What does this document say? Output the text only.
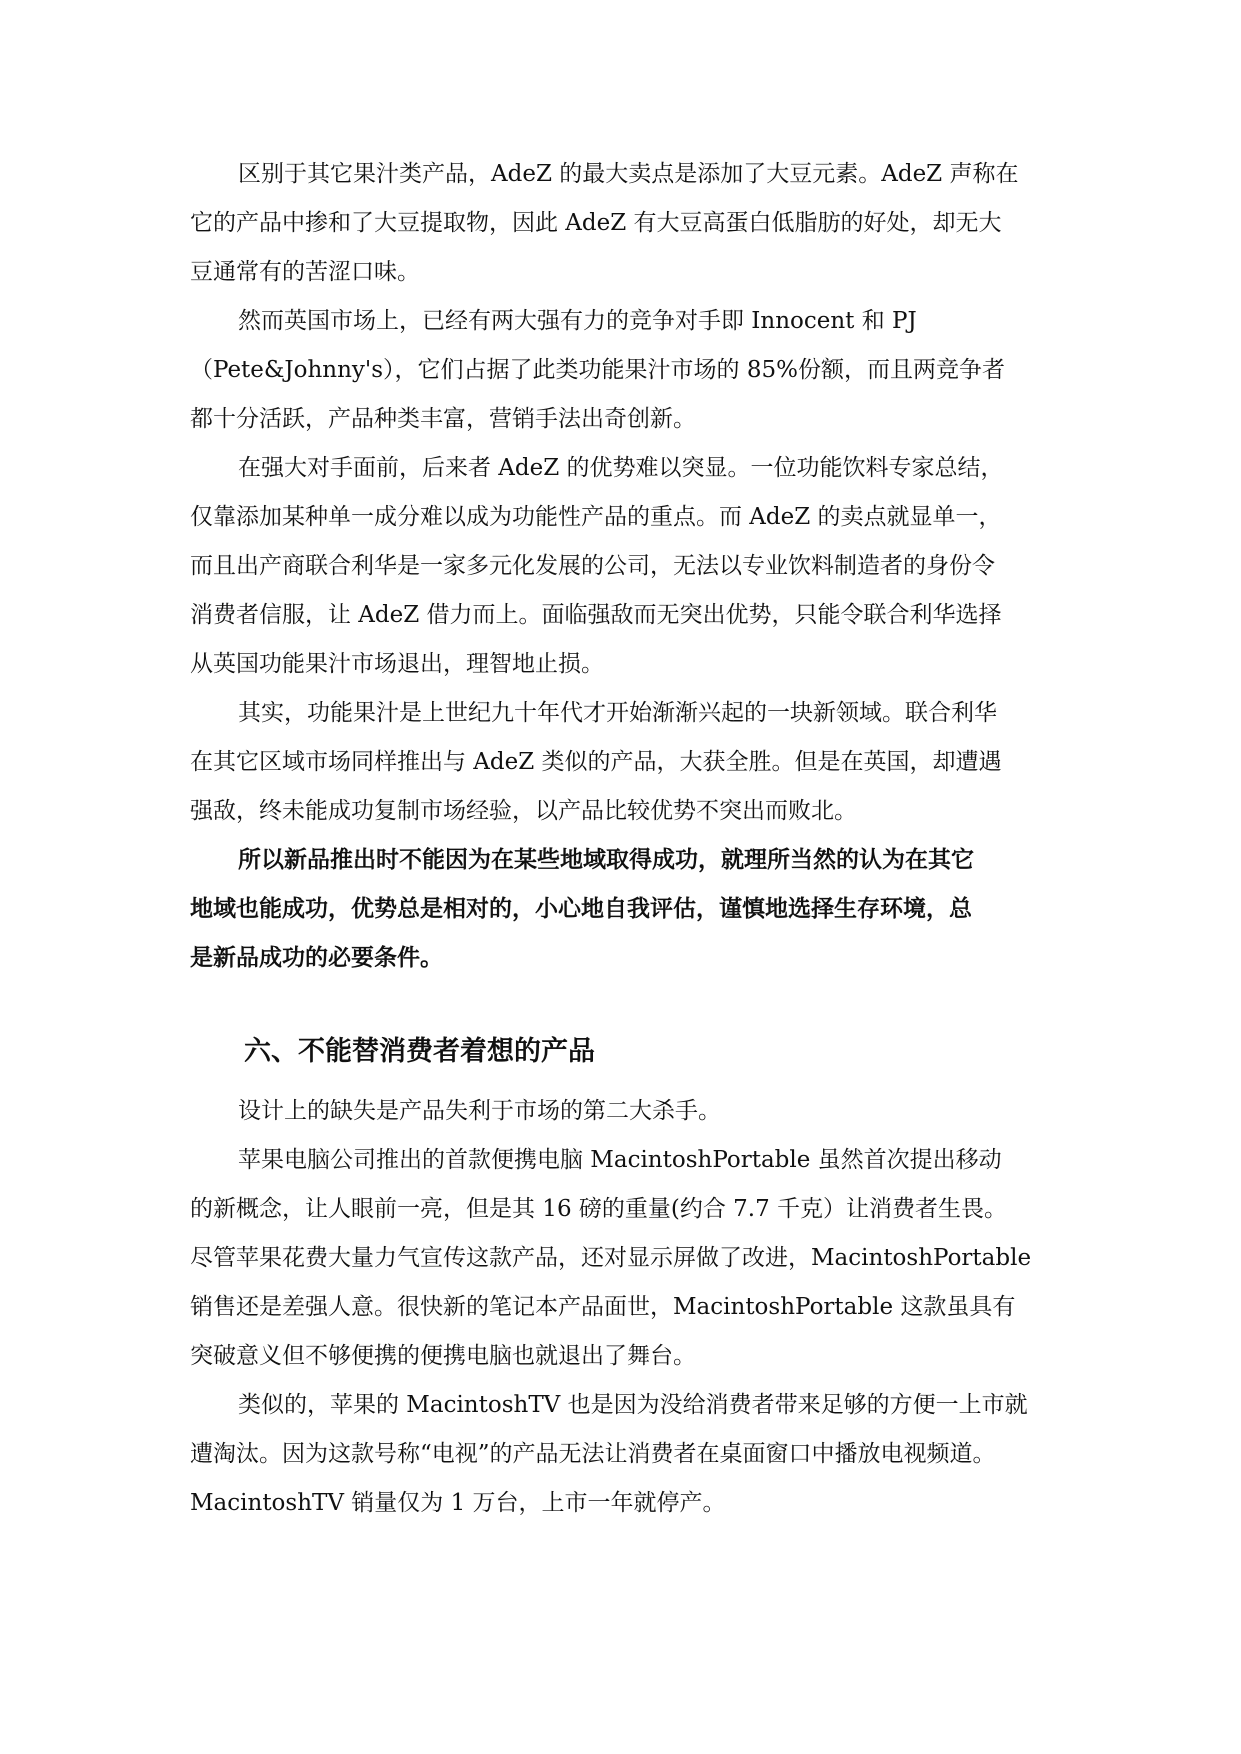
区别于其它果汁类产品，AdeZ 的最大卖点是添加了大豆元素。AdeZ 声称在
它的产品中掺和了大豆提取物，因此 AdeZ 有大豆高蛋白低脂肪的好处，却无大
豆通常有的苦涩口味。

然而英国市场上，已经有两大强有力的竞争对手即 Innocent 和 PJ
（Pete&Johnny's），它们占据了此类功能果汁市场的 85%份额，而且两竞争者
都十分活跃，产品种类丰富，营销手法出奇创新。

在强大对手面前，后来者 AdeZ 的优势难以突显。一位功能饮料专家总结，
仅靠添加某种单一成分难以成为功能性产品的重点。而 AdeZ 的卖点就显单一，
而且出产商联合利华是一家多元化发展的公司，无法以专业饮料制造者的身份令
消费者信服，让 AdeZ 借力而上。面临强敌而无突出优势，只能令联合利华选择
从英国功能果汁市场退出，理智地止损。

其实，功能果汁是上世纪九十年代才开始渐渐兴起的一块新领域。联合利华
在其它区域市场同样推出与 AdeZ 类似的产品，大获全胜。但是在英国，却遭遇
强敌，终未能成功复制市场经验，以产品比较优势不突出而败北。

所以新品推出时不能因为在某些地域取得成功，就理所当然的认为在其它
地域也能成功，优势总是相对的，小心地自我评估，谨慎地选择生存环境，总
是新品成功的必要条件。

六、不能替消费者着想的产品

设计上的缺失是产品失利于市场的第二大杀手。

苹果电脑公司推出的首款便携电脑 MacintoshPortable 虽然首次提出移动
的新概念，让人眼前一亮，但是其 16 磅的重量(约合 7.7 千克）让消费者生畏。
尽管苹果花费大量力气宣传这款产品，还对显示屏做了改进，MacintoshPortable
销售还是差强人意。很快新的笔记本产品面世，MacintoshPortable 这款虽具有
突破意义但不够便携的便携电脑也就退出了舞台。

类似的，苹果的 MacintoshTV 也是因为没给消费者带来足够的方便一上市就
遭淘汰。因为这款号称“电视”的产品无法让消费者在桌面窗口中播放电视频道。
MacintoshTV 销量仅为 1 万台，上市一年就停产。
